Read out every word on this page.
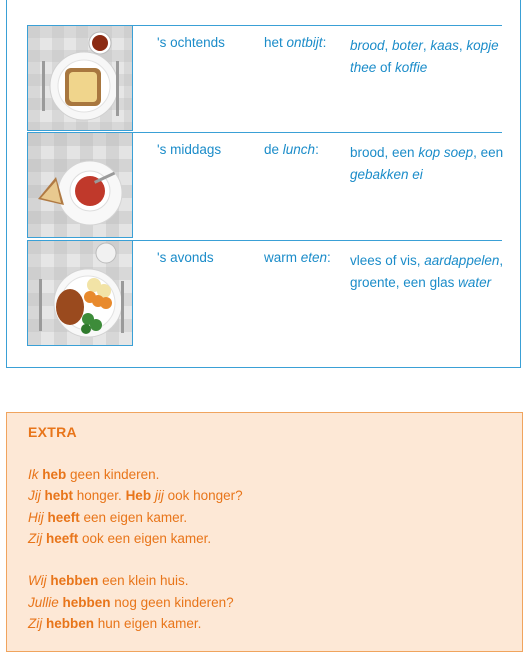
's ochtends	het ontbijt: brood, boter, kaas, kopje thee of koffie
's middags	de lunch: brood, een kop soep, een gebakken ei
's avonds	warm eten: vlees of vis, aardappelen, groente, een glas water
EXTRA
Ik heb geen kinderen.
Jij hebt honger. Heb jij ook honger?
Hij heeft een eigen kamer.
Zij heeft ook een eigen kamer.
Wij hebben een klein huis.
Jullie hebben nog geen kinderen?
Zij hebben hun eigen kamer.
